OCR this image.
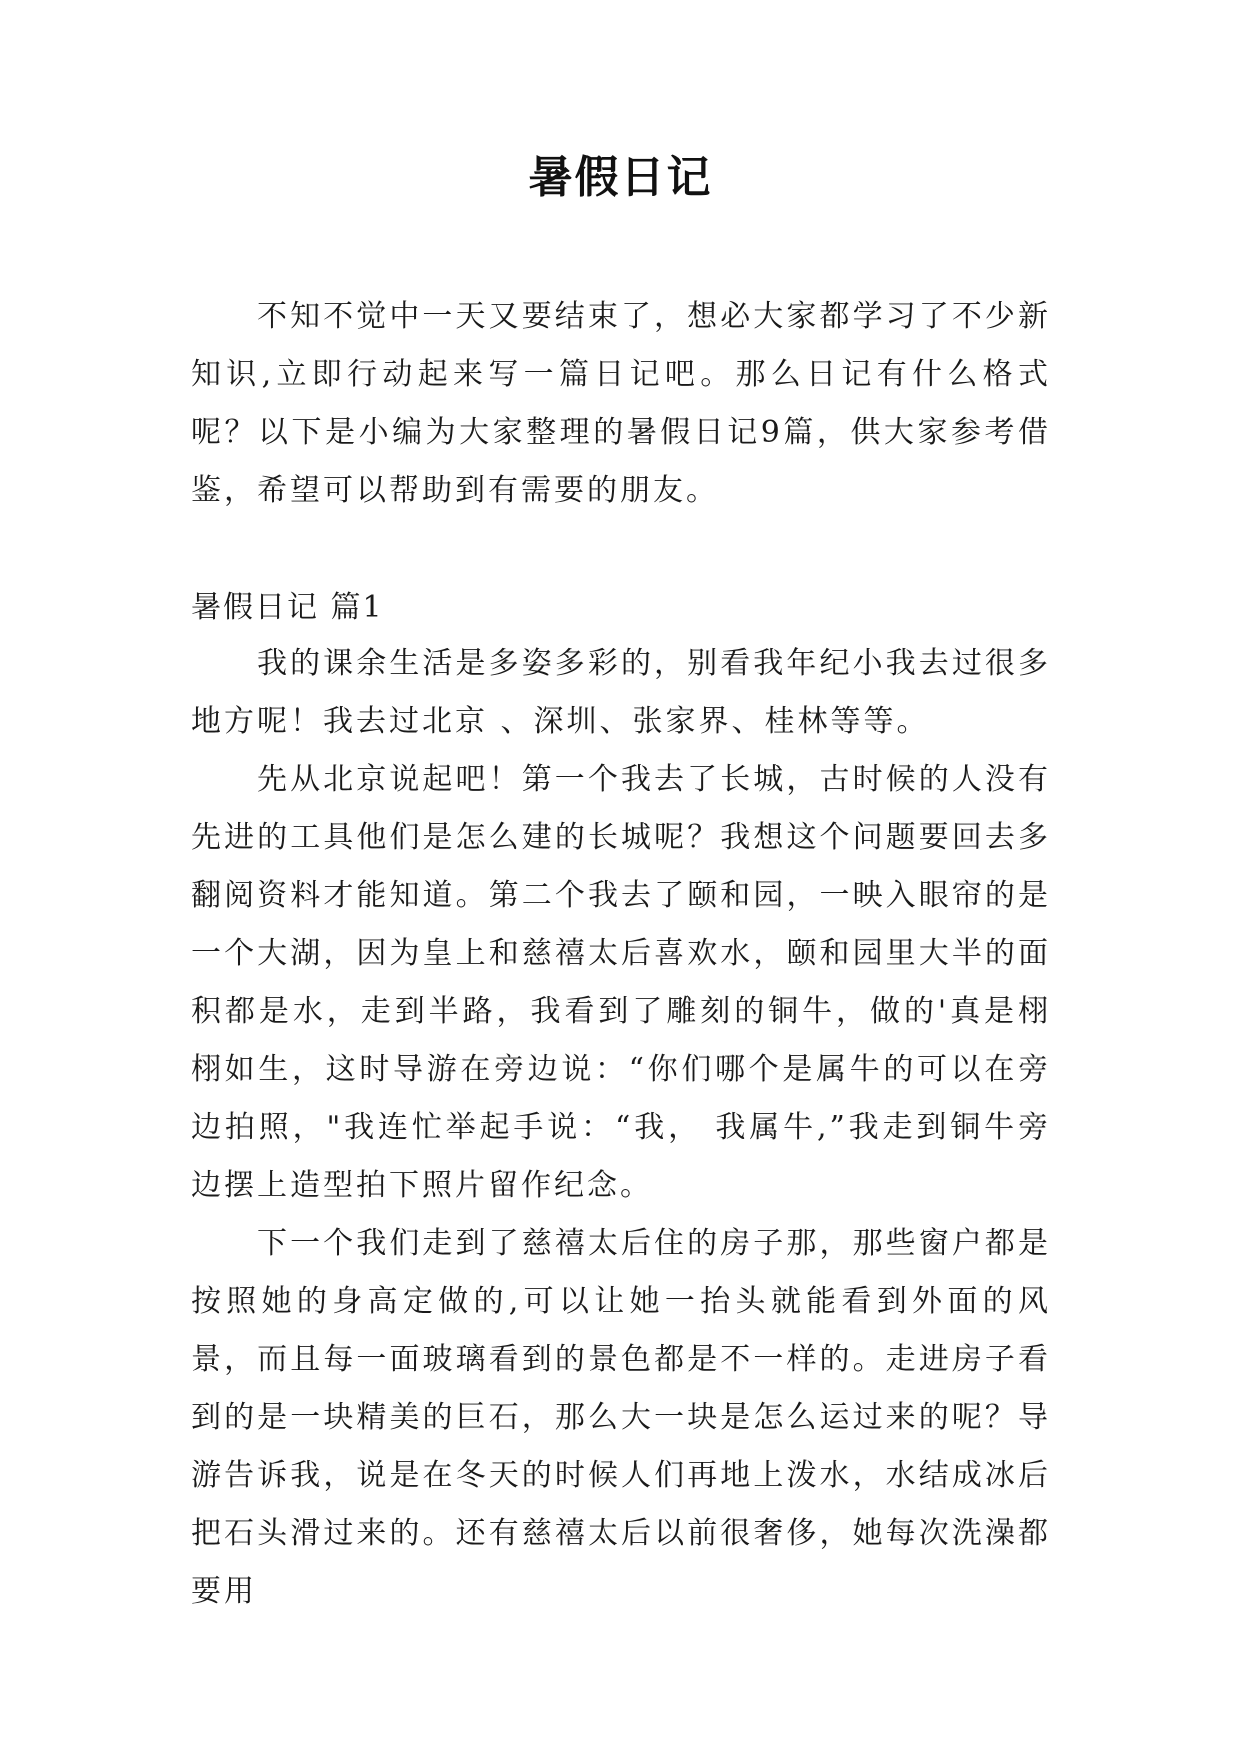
暑假日记

不知不觉中一天又要结束了，想必大家都学习了不少新知识,立即行动起来写一篇日记吧。那么日记有什么格式呢？以下是小编为大家整理的暑假日记9篇，供大家参考借鉴，希望可以帮助到有需要的朋友。

暑假日记 篇1

我的课余生活是多姿多彩的，别看我年纪小我去过很多地方呢！我去过北京 、深圳、张家界、桂林等等。

先从北京说起吧！第一个我去了长城，古时候的人没有先进的工具他们是怎么建的长城呢？我想这个问题要回去多翻阅资料才能知道。第二个我去了颐和园，一映入眼帘的是一个大湖，因为皇上和慈禧太后喜欢水，颐和园里大半的面积都是水，走到半路，我看到了雕刻的铜牛，做的'真是栩栩如生，这时导游在旁边说：“你们哪个是属牛的可以在旁边拍照，"我连忙举起手说：“我， 我属牛,”我走到铜牛旁边摆上造型拍下照片留作纪念。

下一个我们走到了慈禧太后住的房子那，那些窗户都是按照她的身高定做的,可以让她一抬头就能看到外面的风景，而且每一面玻璃看到的景色都是不一样的。走进房子看到的是一块精美的巨石，那么大一块是怎么运过来的呢？导游告诉我，说是在冬天的时候人们再地上泼水，水结成冰后把石头滑过来的。还有慈禧太后以前很奢侈，她每次洗澡都要用
